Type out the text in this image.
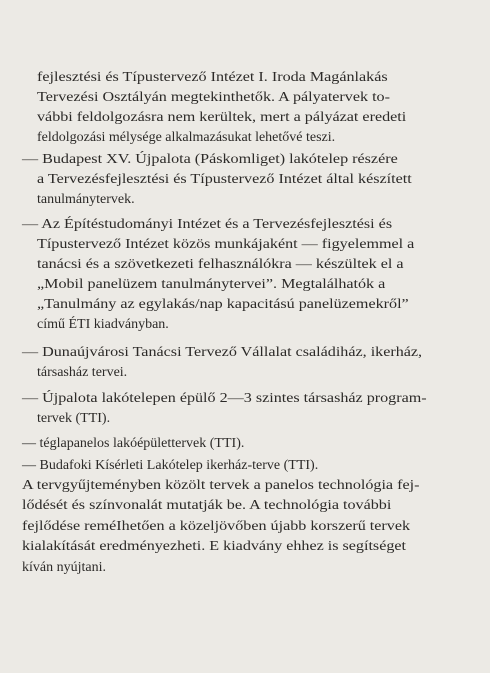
fejlesztési és Típustervező Intézet I. Iroda Magánlakás
Tervezési Osztályán megtekinthetők. A pályatervek to-
vábbi feldolgozásra nem kerültek, mert a pályázat eredeti
feldolgozási mélysége alkalmazásukat lehetővé teszi.
— Budapest XV. Újpalota (Páskomliget) lakótelep részére
a Tervezésfejlesztési és Típustervező Intézet által készített
tanulmánytervek.
— Az Építéstudományi Intézet és a Tervezésfejlesztési és
Típustervező Intézet közös munkájaként — figyelemmel a
tanácsi és a szövetkezeti felhasználókra — készültek el a
„Mobil panelüzem tanulmánytervei”. Megtalálhatók a
„Tanulmány az egylakás/nap kapacitású panelüzemekről”
című ÉTI kiadványban.
— Dunaújvárosi Tanácsi Tervező Vállalat családiház, ikerház,
társasház tervei.
— Újpalota lakótelepen épülő 2—3 szintes társasház program-
tervek (TTI).
— téglapanelos lakóépülettervek (TTI).
— Budafoki Kísérleti Lakótelep ikerház-terve (TTI).
A tervgyűjteményben közölt tervek a panelos technológia fej-
lődését és színvonalát mutatják be. A technológia további
fejlődése reméIhetően a közeljövőben újabb korszerű tervek
kialakítását eredményezheti. E kiadvány ehhez is segítséget
kíván nyújtani.
